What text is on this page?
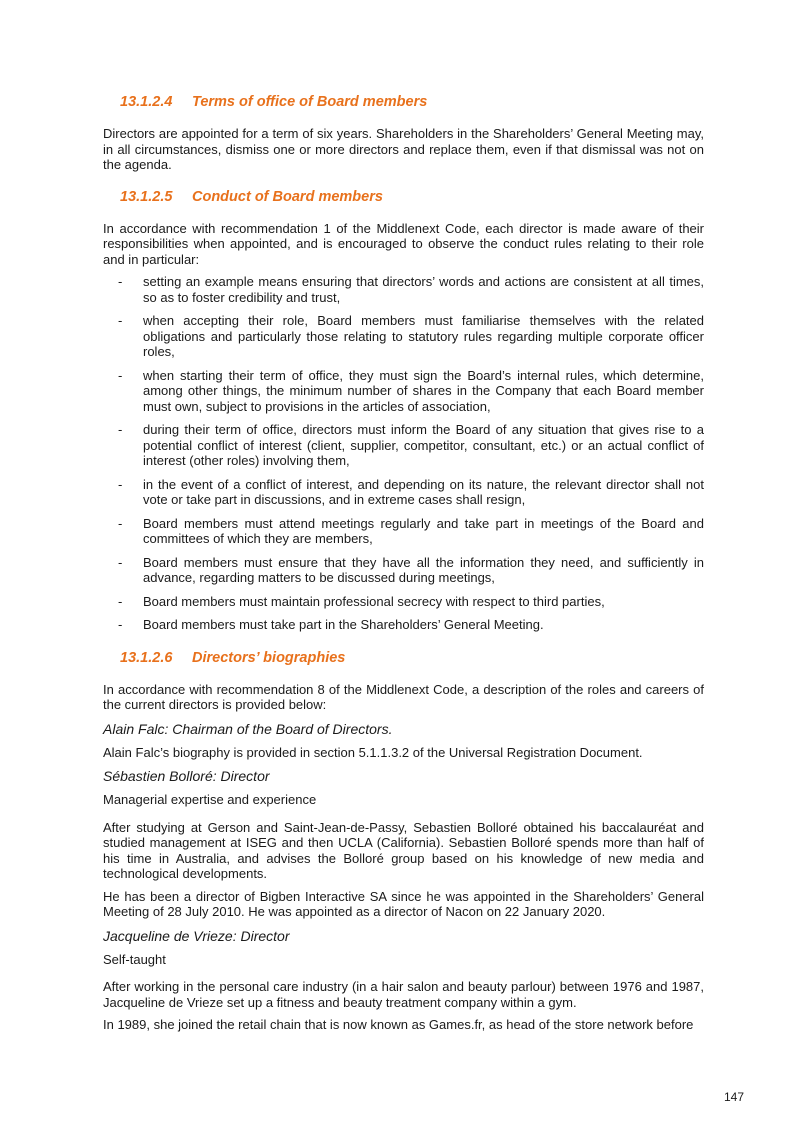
13.1.2.4 Terms of office of Board members

Directors are appointed for a term of six years. Shareholders in the Shareholders’ General Meeting may, in all circumstances, dismiss one or more directors and replace them, even if that dismissal was not on the agenda.

13.1.2.5 Conduct of Board members

In accordance with recommendation 1 of the Middlenext Code, each director is made aware of their responsibilities when appointed, and is encouraged to observe the conduct rules relating to their role and in particular:

- setting an example means ensuring that directors’ words and actions are consistent at all times, so as to foster credibility and trust,
- when accepting their role, Board members must familiarise themselves with the related obligations and particularly those relating to statutory rules regarding multiple corporate officer roles,
- when starting their term of office, they must sign the Board’s internal rules, which determine, among other things, the minimum number of shares in the Company that each Board member must own, subject to provisions in the articles of association,
- during their term of office, directors must inform the Board of any situation that gives rise to a potential conflict of interest (client, supplier, competitor, consultant, etc.) or an actual conflict of interest (other roles) involving them,
- in the event of a conflict of interest, and depending on its nature, the relevant director shall not vote or take part in discussions, and in extreme cases shall resign,
- Board members must attend meetings regularly and take part in meetings of the Board and committees of which they are members,
- Board members must ensure that they have all the information they need, and sufficiently in advance, regarding matters to be discussed during meetings,
- Board members must maintain professional secrecy with respect to third parties,
- Board members must take part in the Shareholders’ General Meeting.
13.1.2.6 Directors’ biographies

In accordance with recommendation 8 of the Middlenext Code, a description of the roles and careers of the current directors is provided below:

Alain Falc: Chairman of the Board of Directors.

Alain Falc’s biography is provided in section 5.1.1.3.2 of the Universal Registration Document.

Sébastien Bolloré: Director

Managerial expertise and experience

After studying at Gerson and Saint-Jean-de-Passy, Sebastien Bolloré obtained his baccalauréat and studied management at ISEG and then UCLA (California). Sebastien Bolloré spends more than half of his time in Australia, and advises the Bolloré group based on his knowledge of new media and technological developments.

He has been a director of Bigben Interactive SA since he was appointed in the Shareholders’ General Meeting of 28 July 2010. He was appointed as a director of Nacon on 22 January 2020.

Jacqueline de Vrieze: Director

Self-taught

After working in the personal care industry (in a hair salon and beauty parlour) between 1976 and 1987, Jacqueline de Vrieze set up a fitness and beauty treatment company within a gym.

In 1989, she joined the retail chain that is now known as Games.fr, as head of the store network before

147
